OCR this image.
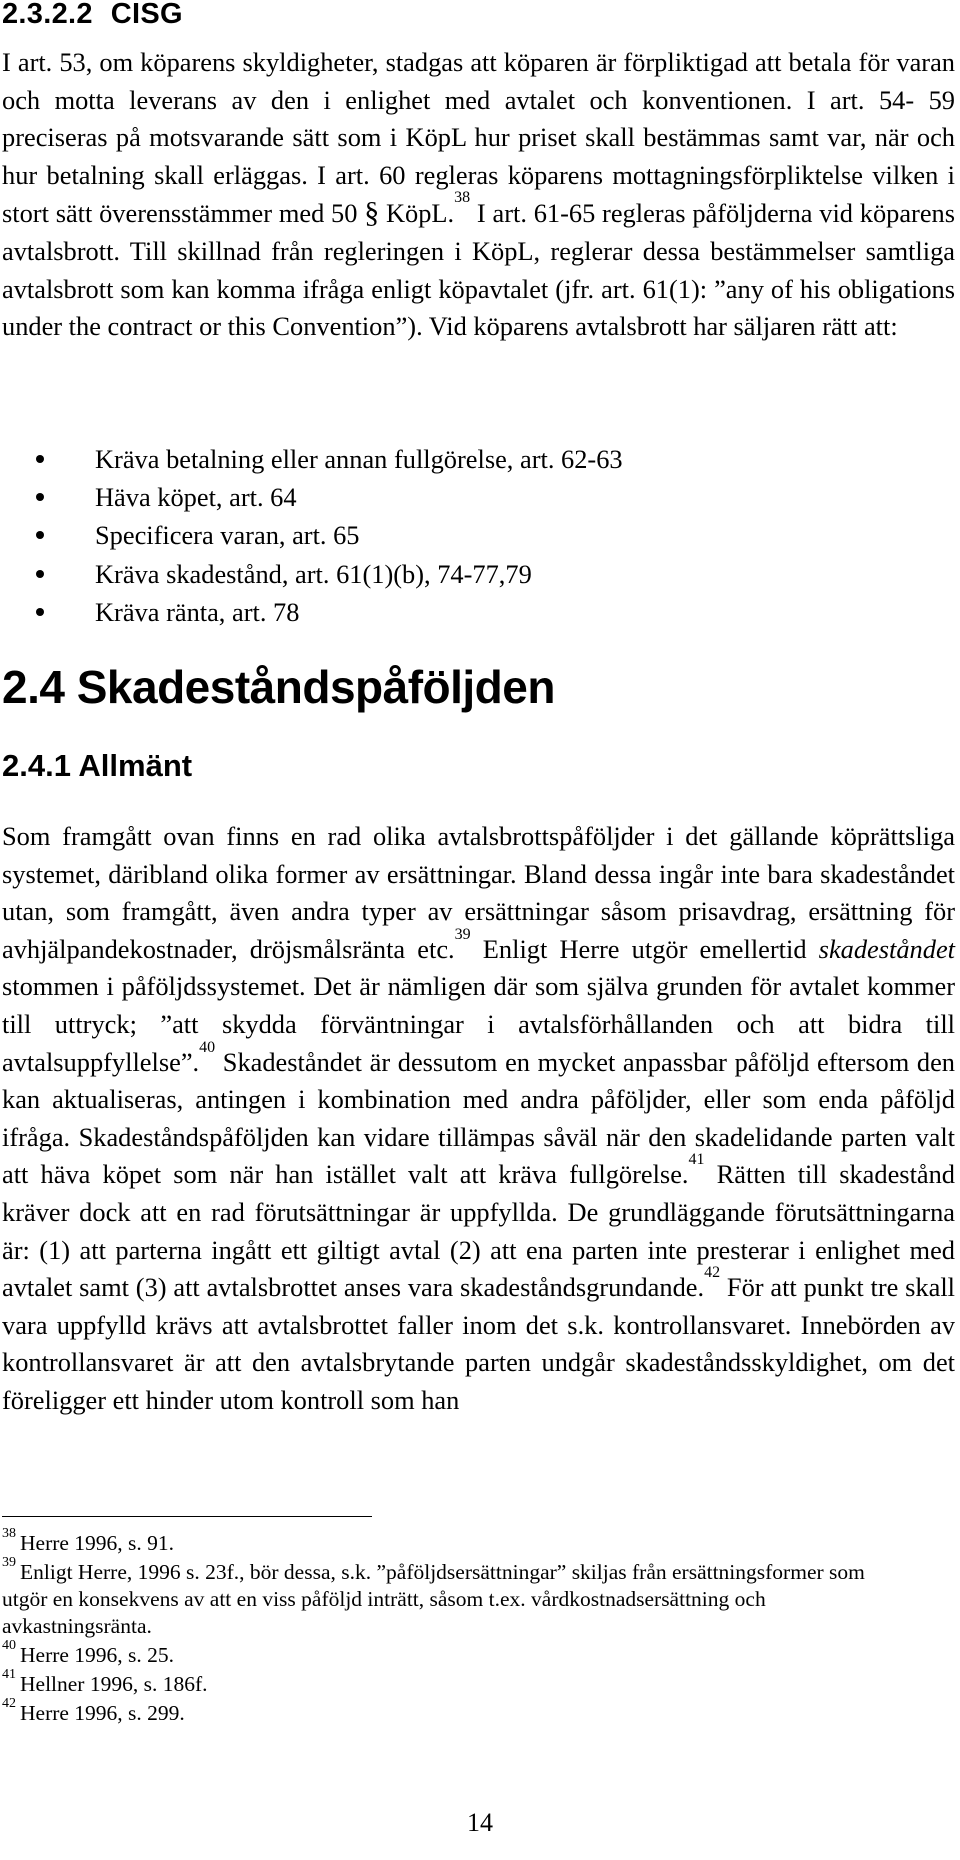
2.3.2.2 CISG

I art. 53, om köparens skyldigheter, stadgas att köparen är förpliktigad att betala för varan och motta leverans av den i enlighet med avtalet och konventionen. I art. 54- 59 preciseras på motsvarande sätt som i KöpL hur priset skall bestämmas samt var, när och hur betalning skall erläggas. I art. 60 regleras köparens mottagningsförpliktelse vilken i stort sätt överensstämmer med 50 § KöpL.$^{38}$ I art. 61-65 regleras påföljderna vid köparens avtalsbrott. Till skillnad från regleringen i KöpL, reglerar dessa bestämmelser samtliga avtalsbrott som kan komma ifråga enligt köpavtalet (jfr. art. 61(1): ”any of his obligations under the contract or this Convention”). Vid köparens avtalsbrott har säljaren rätt att:

Kräva betalning eller annan fullgörelse, art. 62-63
Häva köpet, art. 64
Specificera varan, art. 65
Kräva skadestånd, art. 61(1)(b), 74-77,79
Kräva ränta, art. 78
2.4 Skadeståndspåföljden
2.4.1 Allmänt

Som framgått ovan finns en rad olika avtalsbrottspåföljder i det gällande köprättsliga systemet, däribland olika former av ersättningar. Bland dessa ingår inte bara skadeståndet utan, som framgått, även andra typer av ersättningar såsom prisavdrag, ersättning för avhjälpandekostnader, dröjsmålsränta etc.$^{39}$ Enligt Herre utgör emellertid skadeståndet stommen i påföljdssystemet. Det är nämligen där som själva grunden för avtalet kommer till uttryck; ”att skydda förväntningar i avtalsförhållanden och att bidra till avtalsuppfyllelse”.$^{40}$ Skadeståndet är dessutom en mycket anpassbar påföljd eftersom den kan aktualiseras, antingen i kombination med andra påföljder, eller som enda påföljd ifråga. Skadeståndspåföljden kan vidare tillämpas såväl när den skadelidande parten valt att häva köpet som när han istället valt att kräva fullgörelse.$^{41}$ Rätten till skadestånd kräver dock att en rad förutsättningar är uppfyllda. De grundläggande förutsättningarna är: (1) att parterna ingått ett giltigt avtal (2) att ena parten inte presterar i enlighet med avtalet samt (3) att avtalsbrottet anses vara skadeståndsgrundande.$^{42}$ För att punkt tre skall vara uppfylld krävs att avtalsbrottet faller inom det s.k. kontrollansvaret. Innebörden av kontrollansvaret är att den avtalsbrytande parten undgår skadeståndsskyldighet, om det föreligger ett hinder utom kontroll som han

$^{38}$ Herre 1996, s. 91.

$^{39}$ Enligt Herre, 1996 s. 23f., bör dessa, s.k. ”påföljdsersättningar” skiljas från ersättningsformer som utgör en konsekvens av att en viss påföljd inträtt, såsom t.ex. vårdkostnadsersättning och avkastningsränta.

$^{40}$ Herre 1996, s. 25.

$^{41}$ Hellner 1996, s. 186f.

$^{42}$ Herre 1996, s. 299.

14
